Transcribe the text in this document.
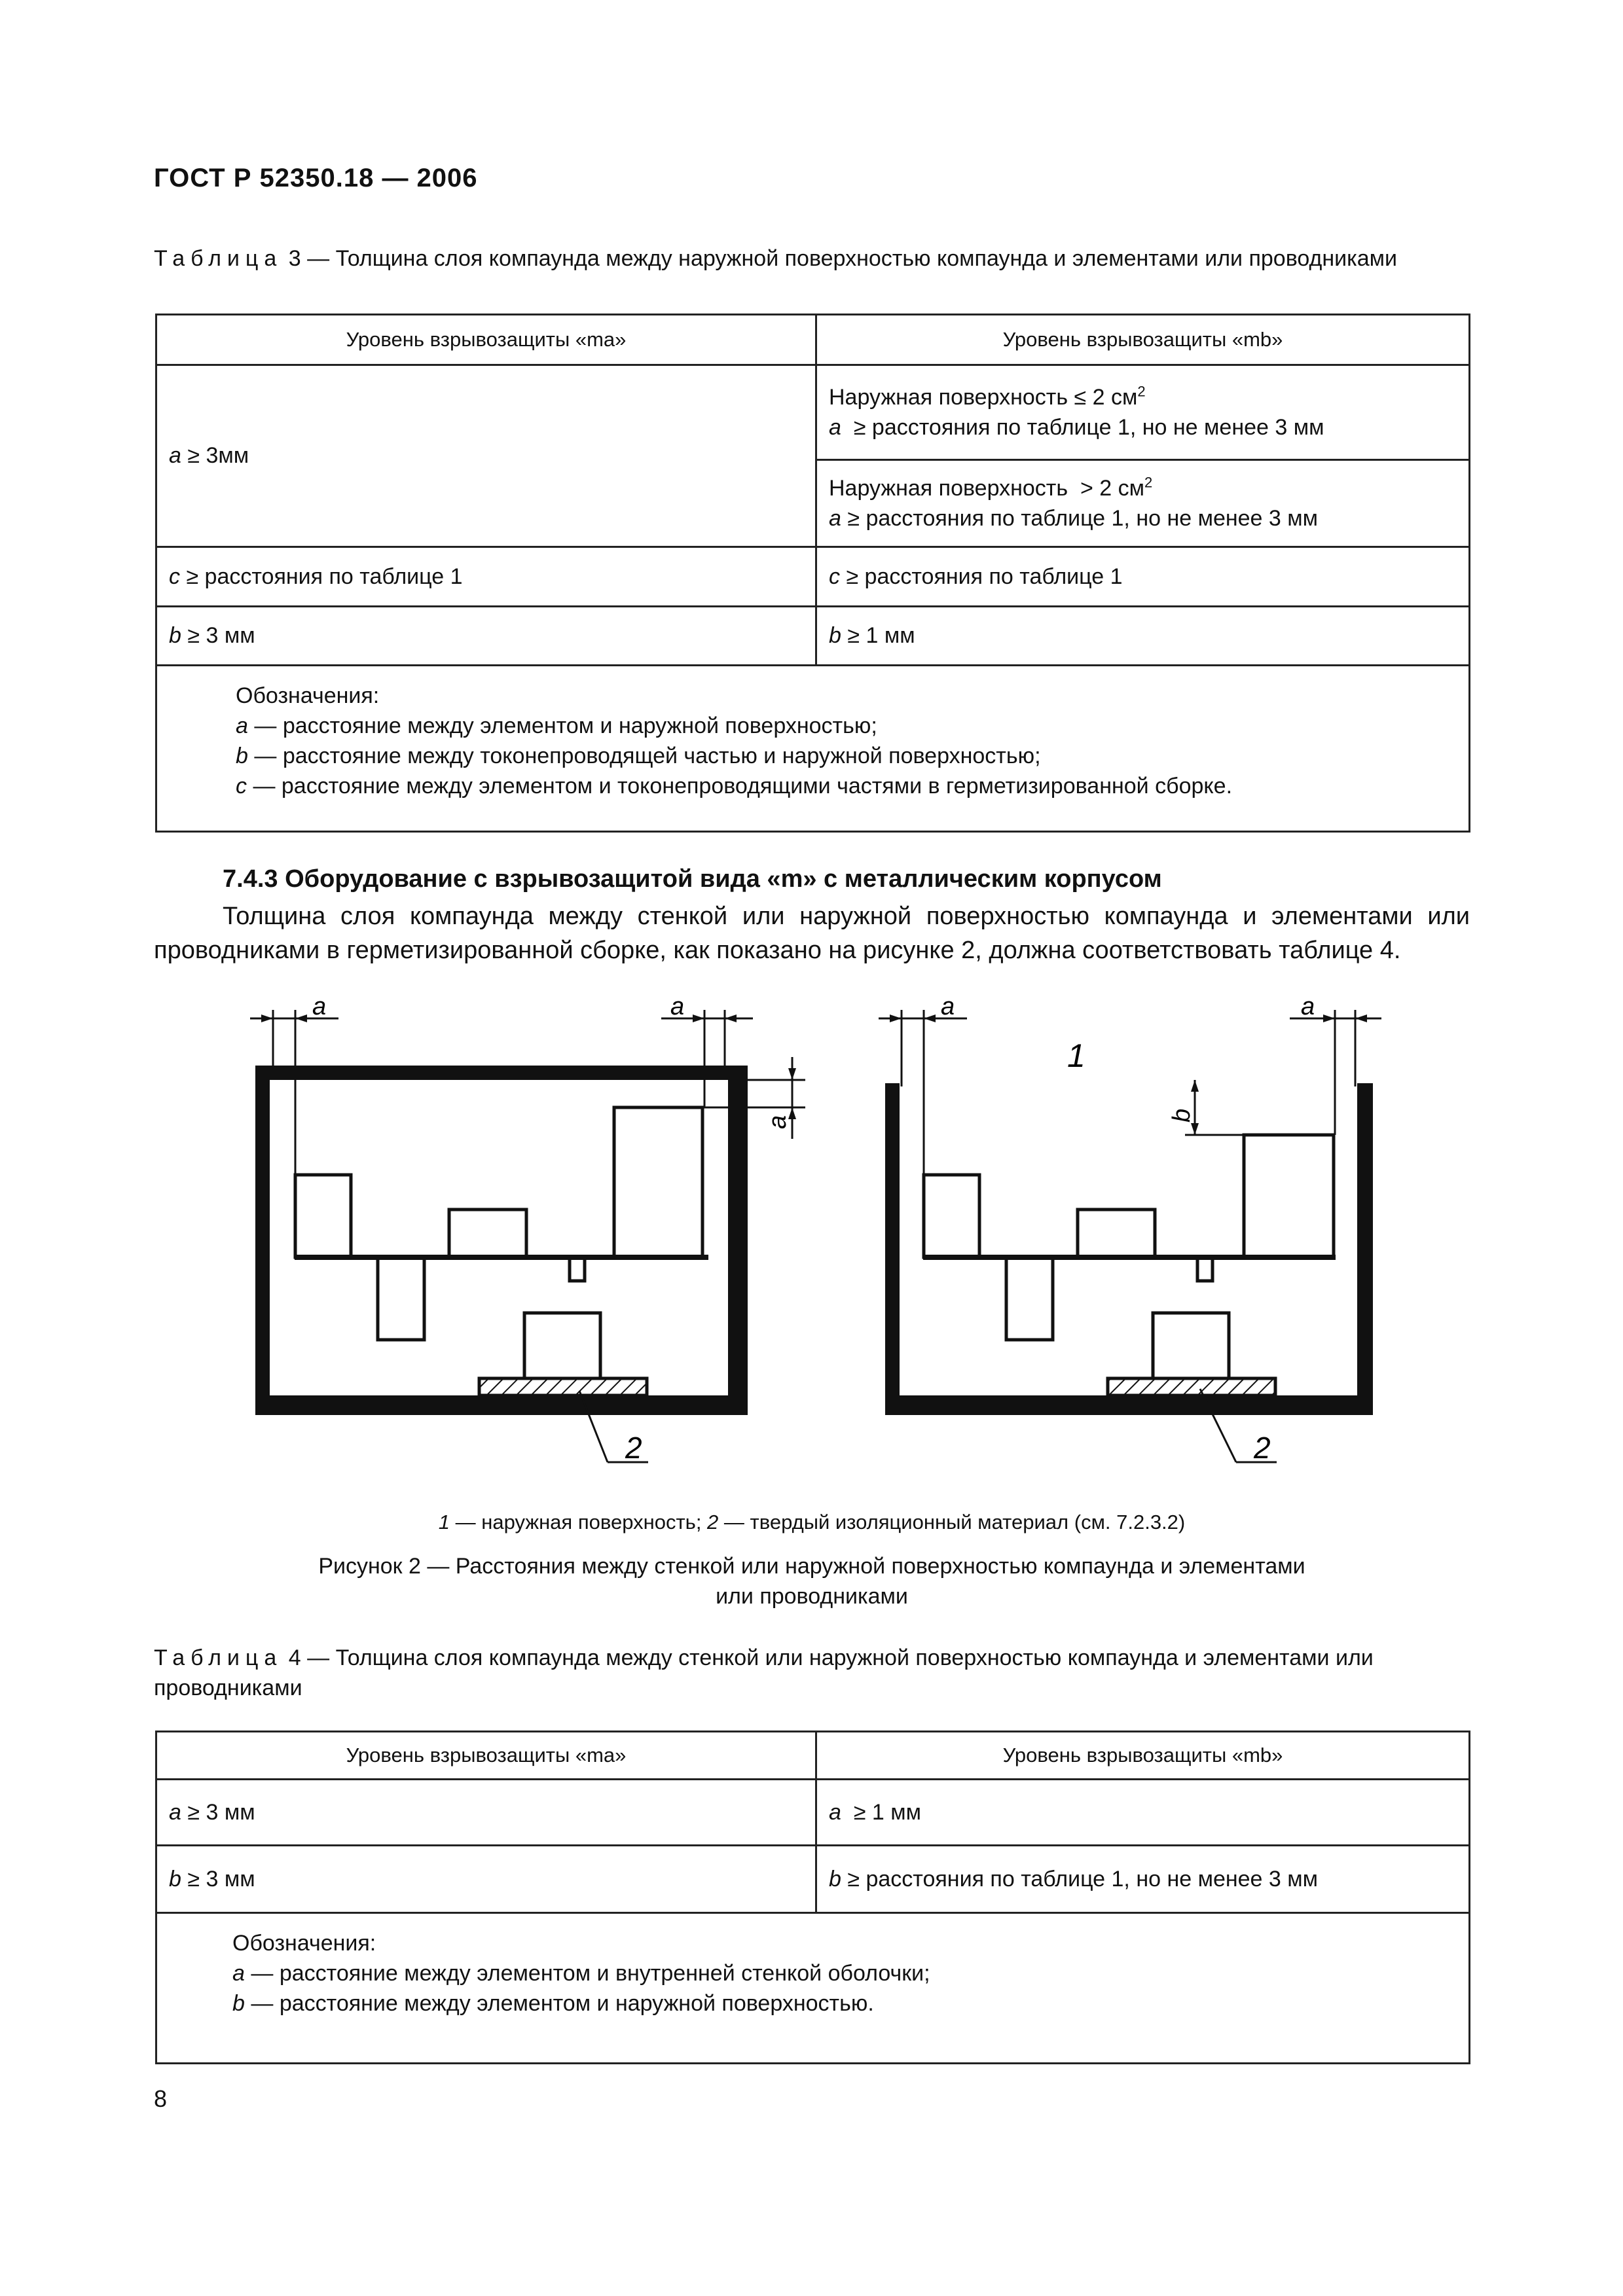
ГОСТ Р 52350.18 — 2006
Таблица 3 — Толщина слоя компаунда между наружной поверхностью компаунда и элементами или проводниками
Уровень взрывозащиты «ma»	Уровень взрывозащиты «mb»
a ≥ 3мм	Наружная поверхность ≤ 2 $см^2$
a  ≥ расстояния по таблице 1, но не менее 3 мм

	Наружная поверхность  > 2 $см^2$
a ≥ расстояния по таблице 1, но не менее 3 мм

c ≥ расстояния по таблице 1	c ≥ расстояния по таблице 1
b ≥ 3 мм	b ≥ 1 мм

Обозначения:
a — расстояние между элементом и наружной поверхностью;
b — расстояние между токонепроводящей частью и наружной поверхностью;
c — расстояние между элементом и токонепроводящими частями в герметизированной сборке.	
7.4.3 Оборудование с взрывозащитой вида «m» с металлическим корпусом
Толщина слоя компаунда между стенкой или наружной поверхностью компаунда и элементами или проводниками в герметизированной сборке, как показано на рисунке 2, должна соответствовать таблице 4.
a	a
a
2
a	a
1
b
2
1 — наружная поверхность; 2 — твердый изоляционный материал (см. 7.2.3.2)
Рисунок 2 — Расстояния между стенкой или наружной поверхностью компаунда и элементами
или проводниками
Таблица 4 — Толщина слоя компаунда между стенкой или наружной поверхностью компаунда и элементами или проводниками
Уровень взрывозащиты «ma»	Уровень взрывозащиты «mb»
a ≥ 3 мм	a  ≥ 1 мм
b ≥ 3 мм	b ≥ расстояния по таблице 1, но не менее 3 мм

Обозначения:
a — расстояние между элементом и внутренней стенкой оболочки;
b — расстояние между элементом и наружной поверхностью.	
8
